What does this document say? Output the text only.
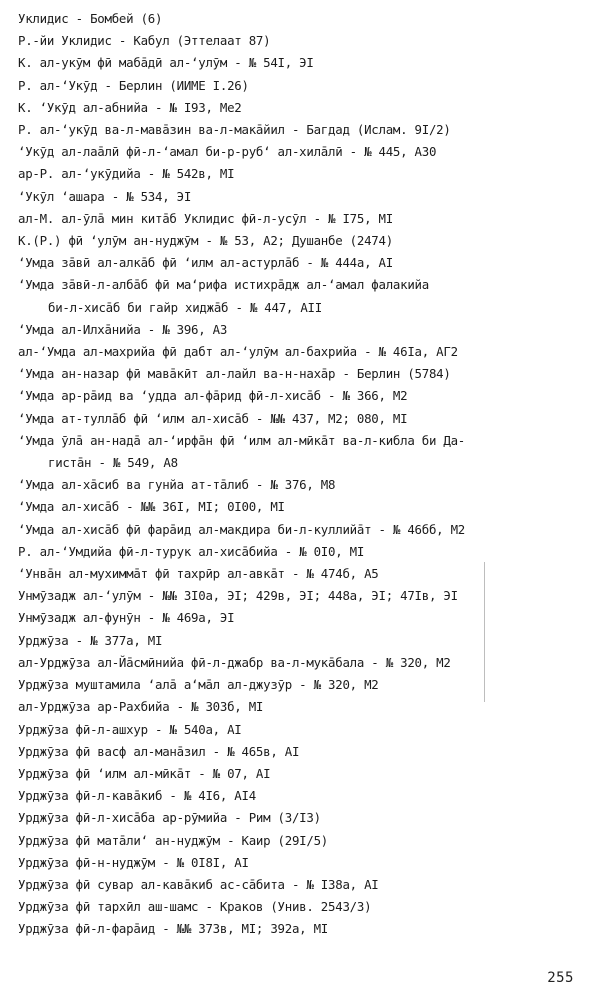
Уклидис - Бомбей (6)
Р.-йи Уклидис - Кабул (Эттелаат 87)
К. ал-укӯм фӣ мабāдӣ ал-‘улӯм - № 54I, ЭI
Р. ал-‘Укӯд - Берлин (ИИМЕ I.26)
К. ‘Укӯд ал-абнийа - № I93, Ме2
Р. ал-‘укӯд ва-л-мавāзин ва-л-макāйил - Багдад (Ислам. 9I/2)
‘Укӯд ал-лаāлӣ фӣ-л-‘амал би-р-руб‘ ал-хилāлӣ - № 445, А30
ар-Р. ал-‘укӯдийа - № 542в, МI
‘Укӯл ‘ашара - № 534, ЭI
ал-М. ал-ӯлā мин китāб Уклидис фӣ-л-усӯл - № I75, МI
К.(Р.) фӣ ‘улӯм ан-нуджӯм - № 53, А2; Душанбе (2474)
‘Умда зāвӣ ал-алкāб фӣ ‘илм ал-астурлāб - № 444а, АI
‘Умда зāвӣ-л-албāб фӣ ма‘рифа истихрāдж ал-‘амал фалакийа
би-л-хисāб би гайр хиджāб - № 447, АII
‘Умда ал-Илхāнийа - № 396, А3
ал-‘Умда ал-махрийа фӣ дабт ал-‘улӯм ал-бахрийа - № 46Iа, АГ2
‘Умда ан-назар фӣ мавāкӣт ал-лайл ва-н-нахāр - Берлин (5784)
‘Умда ар-рāид ва ‘удда ал-фāрид фӣ-л-хисāб - № 366, М2
‘Умда ат-туллāб фӣ ‘илм ал-хисāб - №№ 437, М2; 080, МI
‘Умда ӯлā ан-надā ал-‘ирфāн фӣ ‘илм ал-мӣкāт ва-л-кибла би Да-
гистāн - № 549, А8
‘Умда ал-хāсиб ва гунйа ат-тāлиб - № 376, М8
‘Умда ал-хисāб - №№ 36I, МI; 0I00, МI
‘Умда ал-хисāб фӣ фарāид ал-макдира би-л-куллийāт - № 46бб, М2
Р. ал-‘Умдийа фӣ-л-турук ал-хисāбийа - № 0I0, МI
‘Унвāн ал-мухиммāт фӣ тахрӣр ал-авкāт - № 474б, А5
Унмӯзадж ал-‘улӯм - №№ 3I0а, ЭI; 429в, ЭI; 448а, ЭI; 47Iв, ЭI
Унмӯзадж ал-фунӯн - № 469а, ЭI
Урджӯза - № 377а, МI
ал-Урджӯза ал-Йāсмӣнийа фӣ-л-джабр ва-л-мукāбала - № 320, М2
Урджӯза муштамила ‘алā а‘мāл ал-джузӯр - № 320, М2
ал-Урджӯза ар-Рахбийа - № 303б, МI
Урджӯза фӣ-л-ашхур - № 540а, АI
Урджӯза фӣ васф ал-манāзил - № 465в, АI
Урджӯза фӣ ‘илм ал-мӣкāт - № 07, АI
Урджӯза фӣ-л-кавāкиб - № 4I6, АI4
Урджӯза фӣ-л-хисāба ар-рӯмийа - Рим (3/I3)
Урджӯза фӣ матāли‘ ан-нуджӯм - Каир (29I/5)
Урджӯза фӣ-н-нуджӯм - № 0I8I, АI
Урджӯза фӣ сувар ал-кавāкиб ас-сāбита - № I38а, АI
Урджӯза фӣ тархӣл аш-шамс - Краков (Унив. 2543/3)
Урджӯза фӣ-л-фарāид - №№ 373в, МI; 392а, МI
255
